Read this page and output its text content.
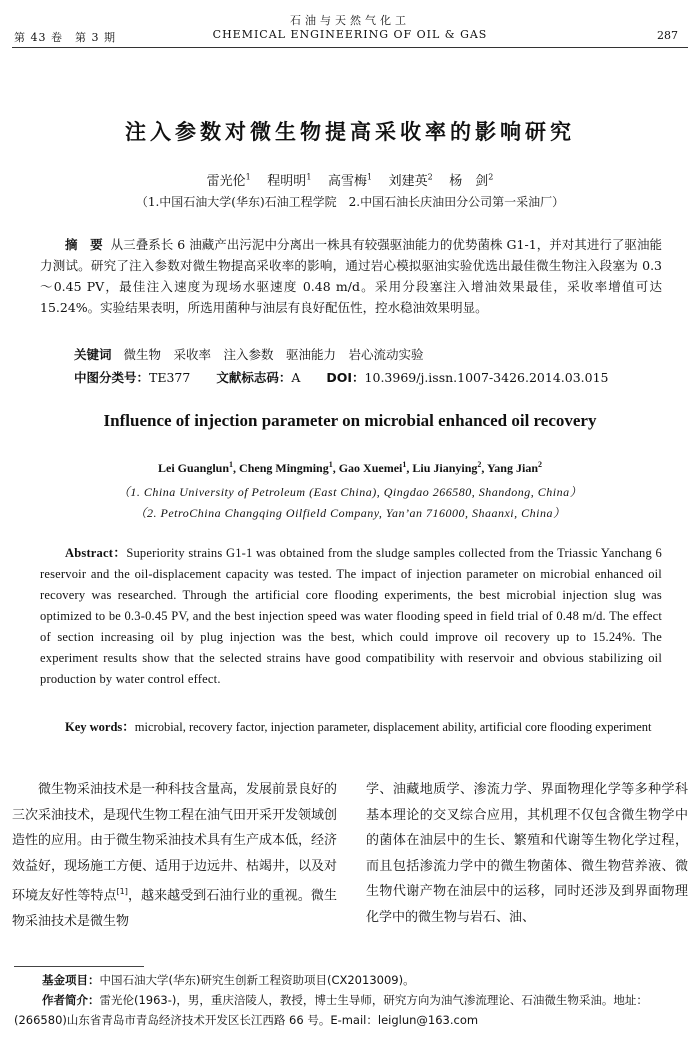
第 43 卷　第 3 期
石油与天然气化工
CHEMICAL ENGINEERING OF OIL & GAS	287
注入参数对微生物提高采收率的影响研究
雷光伦$^1$ 程明明$^1$ 高雪梅$^1$ 刘建英$^2$ 杨　剑$^2$
（1.中国石油大学(华东)石油工程学院　2.中国石油长庆油田分公司第一采油厂）
摘　要 从三叠系长 6 油藏产出污泥中分离出一株具有较强驱油能力的优势菌株 G1-1，并对其进行了驱油能力测试。研究了注入参数对微生物提高采收率的影响，通过岩心模拟驱油实验优选出最佳微生物注入段塞为 0.3～0.45 PV，最佳注入速度为现场水驱速度 0.48 m/d。采用分段塞注入增油效果最佳，采收率增值可达 15.24%。实验结果表明，所选用菌种与油层有良好配伍性，控水稳油效果明显。
关键词 微生物　采收率　注入参数　驱油能力　岩心流动实验
中图分类号：TE377 文献标志码：A DOI：10.3969/j.issn.1007-3426.2014.03.015
Influence of injection parameter on microbial enhanced oil recovery
Lei Guanglun$^1$, Cheng Mingming$^1$, Gao Xuemei$^1$, Liu Jianying$^2$, Yang Jian$^2$
（1. China University of Petroleum (East China), Qingdao 266580, Shandong, China）
（2. PetroChina Changqing Oilfield Company, Yan’an 716000, Shaanxi, China）
Abstract：Superiority strains G1-1 was obtained from the sludge samples collected from the Triassic Yanchang 6 reservoir and the oil-displacement capacity was tested. The impact of injection parameter on microbial enhanced oil recovery was researched. Through the artificial core flooding experiments, the best microbial injection slug was optimized to be 0.3-0.45 PV, and the best injection speed was water flooding speed in field trial of 0.48 m/d. The effect of section increasing oil by plug injection was the best, which could improve oil recovery up to 15.24%. The experiment results show that the selected strains have good compatibility with reservoir and obvious stabilizing oil production by water control effect.
Key words：microbial, recovery factor, injection parameter, displacement ability, artificial core flooding experiment
微生物采油技术是一种科技含量高，发展前景良好的三次采油技术，是现代生物工程在油气田开采开发领域创造性的应用。由于微生物采油技术具有生产成本低，经济效益好，现场施工方便、适用于边远井、枯竭井，以及对环境友好性等特点[1]，越来越受到石油行业的重视。微生物采油技术是微生物
学、油藏地质学、渗流力学、界面物理化学等多种学科基本理论的交叉综合应用，其机理不仅包含微生物学中的菌体在油层中的生长、繁殖和代谢等生物化学过程，而且包括渗流力学中的微生物菌体、微生物营养液、微生物代谢产物在油层中的运移，同时还涉及到界面物理化学中的微生物与岩石、油、
基金项目：中国石油大学(华东)研究生创新工程资助项目(CX2013009)。
作者简介：雷光伦(1963-)，男，重庆涪陵人，教授，博士生导师，研究方向为油气渗流理论、石油微生物采油。地址：
(266580)山东省青岛市青岛经济技术开发区长江西路 66 号。E-mail：leiglun@163.com
